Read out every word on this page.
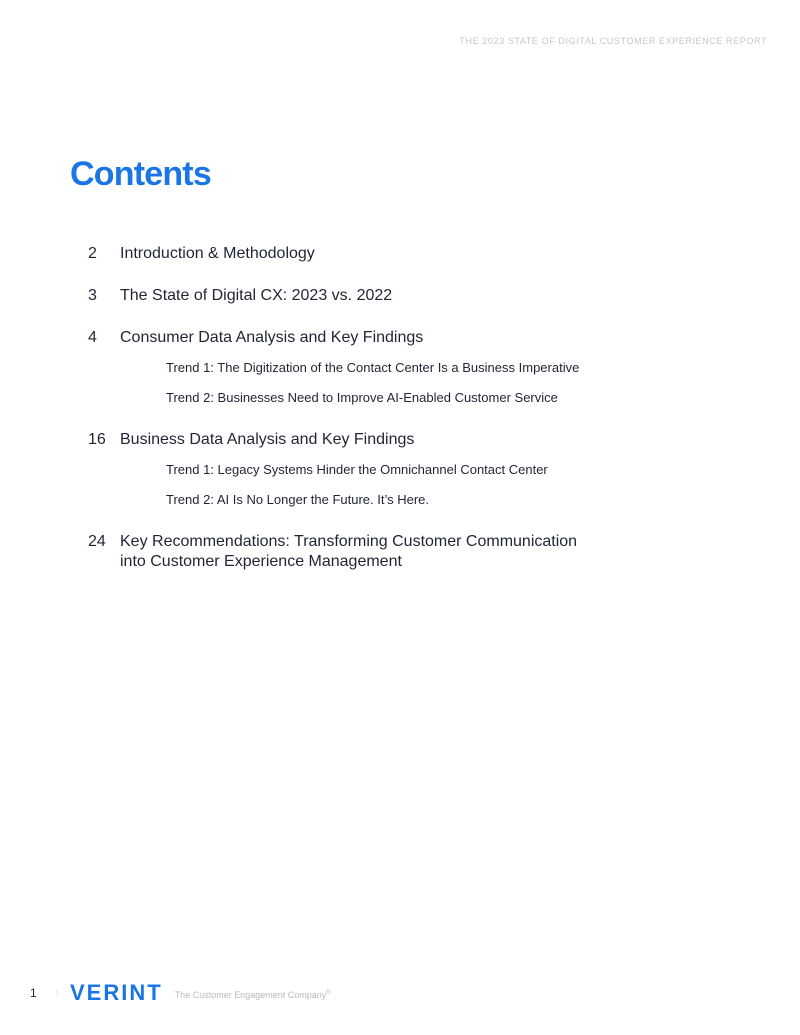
THE 2023 STATE OF DIGITAL CUSTOMER EXPERIENCE REPORT
Contents
2	Introduction & Methodology
3	The State of Digital CX: 2023 vs. 2022
4	Consumer Data Analysis and Key Findings
Trend 1: The Digitization of the Contact Center Is a Business Imperative
Trend 2: Businesses Need to Improve AI-Enabled Customer Service
16 Business Data Analysis and Key Findings
Trend 1: Legacy Systems Hinder the Omnichannel Contact Center
Trend 2: AI Is No Longer the Future. It’s Here.
24 Key Recommendations: Transforming Customer Communication into Customer Experience Management
1	VERINT The Customer Engagement Company®
